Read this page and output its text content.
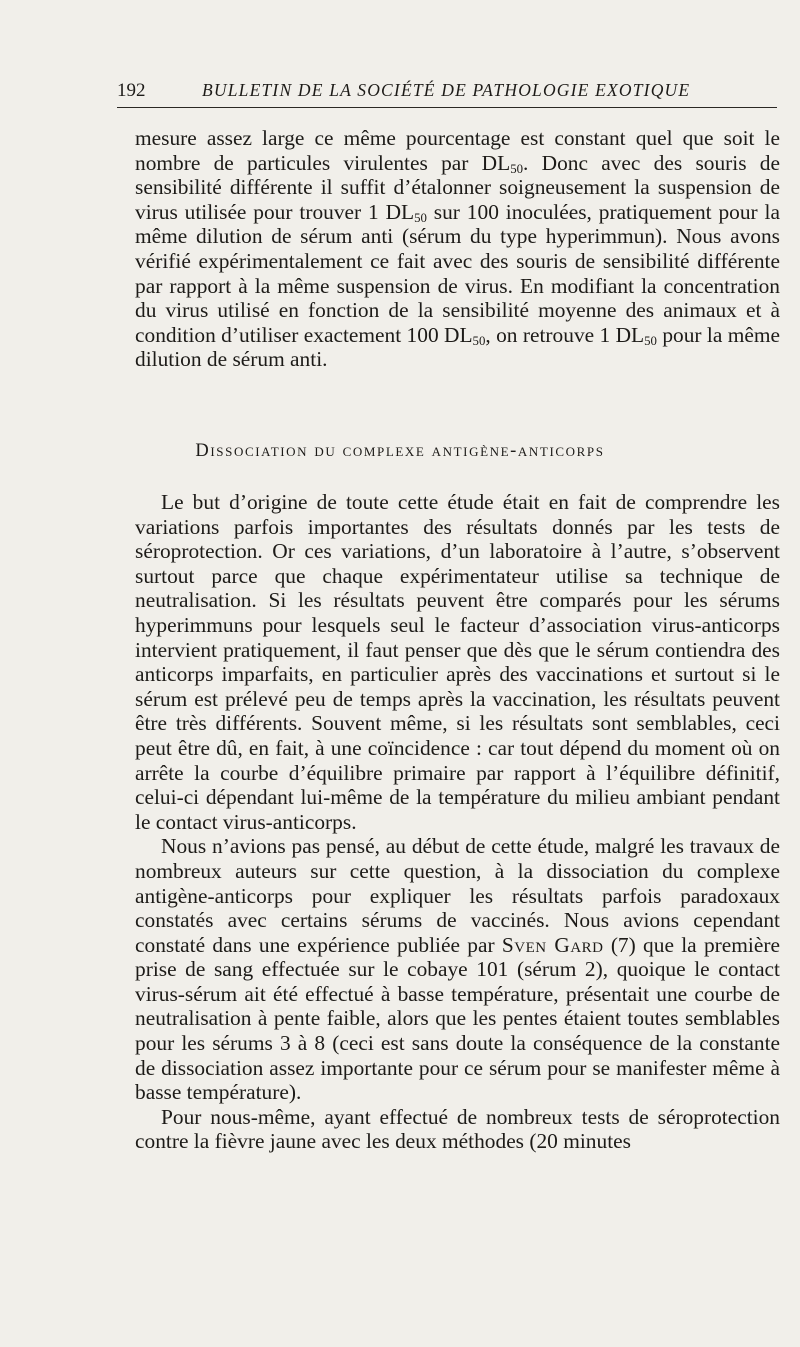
192	BULLETIN DE LA SOCIÉTÉ DE PATHOLOGIE EXOTIQUE

mesure assez large ce même pourcentage est constant quel que soit le nombre de particules virulentes par $DL_{50}$. Donc avec des souris de sensibilité différente il suffit d’étalonner soigneusement la suspension de virus utilisée pour trouver 1 $DL_{50}$ sur 100 inoculées, pratiquement pour la même dilution de sérum anti (sérum du type hyperimmun). Nous avons vérifié expérimentalement ce fait avec des souris de sensibilité différente par rapport à la même suspension de virus. En modifiant la concentration du virus utilisé en fonction de la sensibilité moyenne des animaux et à condition d’utiliser exactement 100 $DL_{50}$, on retrouve 1 $DL_{50}$ pour la même dilution de sérum anti.

Dissociation du complexe antigène-anticorps

Le but d’origine de toute cette étude était en fait de comprendre les variations parfois importantes des résultats donnés par les tests de séroprotection. Or ces variations, d’un laboratoire à l’autre, s’observent surtout parce que chaque expérimentateur utilise sa technique de neutralisation. Si les résultats peuvent être comparés pour les sérums hyperimmuns pour lesquels seul le facteur d’association virus-anticorps intervient pratiquement, il faut penser que dès que le sérum contiendra des anticorps imparfaits, en particulier après des vaccinations et surtout si le sérum est prélevé peu de temps après la vaccination, les résultats peuvent être très différents. Souvent même, si les résultats sont semblables, ceci peut être dû, en fait, à une coïncidence : car tout dépend du moment où on arrête la courbe d’équilibre primaire par rapport à l’équilibre définitif, celui-ci dépendant lui-même de la température du milieu ambiant pendant le contact virus-anticorps.

Nous n’avions pas pensé, au début de cette étude, malgré les travaux de nombreux auteurs sur cette question, à la dissociation du complexe antigène-anticorps pour expliquer les résultats parfois paradoxaux constatés avec certains sérums de vaccinés. Nous avions cependant constaté dans une expérience publiée par Sven Gard (7) que la première prise de sang effectuée sur le cobaye 101 (sérum 2), quoique le contact virus-sérum ait été effectué à basse température, présentait une courbe de neutralisation à pente faible, alors que les pentes étaient toutes semblables pour les sérums 3 à 8 (ceci est sans doute la conséquence de la constante de dissociation assez importante pour ce sérum pour se manifester même à basse température).

Pour nous-même, ayant effectué de nombreux tests de séroprotection contre la fièvre jaune avec les deux méthodes (20 minutes
